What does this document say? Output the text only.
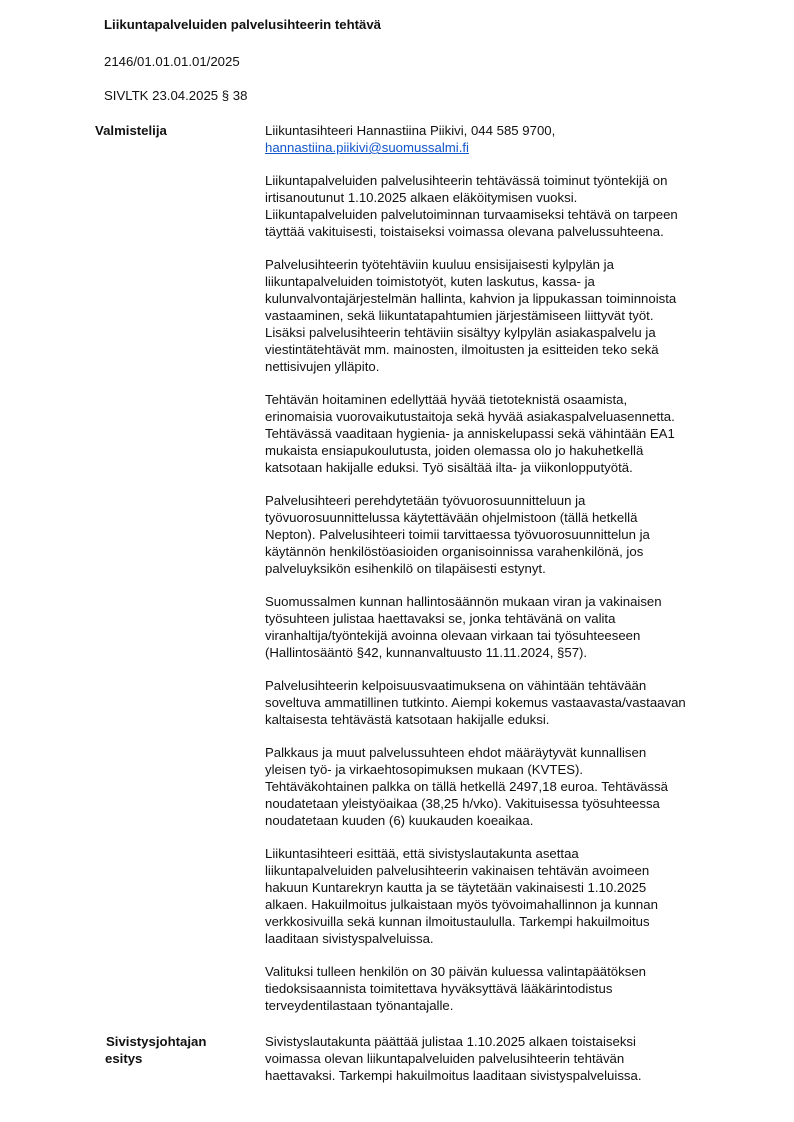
Liikuntapalveluiden palvelusihteerin tehtävä
2146/01.01.01.01/2025
SIVLTK 23.04.2025 § 38
Valmistelija	Liikuntasihteeri Hannastiina Piikivi, 044 585 9700,
hannastiina.piikivi@suomussalmi.fi

Liikuntapalveluiden palvelusihteerin tehtävässä toiminut työntekijä on
irtisanoutunut 1.10.2025 alkaen eläköitymisen vuoksi.
Liikuntapalveluiden palvelutoiminnan turvaamiseksi tehtävä on tarpeen
täyttää vakituisesti, toistaiseksi voimassa olevana palvelussuhteena.

Palvelusihteerin työtehtäviin kuuluu ensisijaisesti kylpylän ja
liikuntapalveluiden toimistotyöt, kuten laskutus, kassa- ja
kulunvalvontajärjestelmän hallinta, kahvion ja lippukassan toiminnoista
vastaaminen, sekä liikuntatapahtumien järjestämiseen liittyvät työt.
Lisäksi palvelusihteerin tehtäviin sisältyy kylpylän asiakaspalvelu ja
viestintätehtävät mm. mainosten, ilmoitusten ja esitteiden teko sekä
nettisivujen ylläpito.

Tehtävän hoitaminen edellyttää hyvää tietoteknistä osaamista,
erinomaisia vuorovaikutustaitoja sekä hyvää asiakaspalveluasennetta.
Tehtävässä vaaditaan hygienia- ja anniskelupassi sekä vähintään EA1
mukaista ensiapukoulutusta, joiden olemassa olo jo hakuhetkellä
katsotaan hakijalle eduksi. Työ sisältää ilta- ja viikonlopputyötä.

Palvelusihteeri perehdytetään työvuorosuunnitteluun ja
työvuorosuunnittelussa käytettävään ohjelmistoon (tällä hetkellä
Nepton). Palvelusihteeri toimii tarvittaessa työvuorosuunnittelun ja
käytännön henkilöstöasioiden organisoinnissa varahenkilönä, jos
palveluyksikön esihenkilö on tilapäisesti estynyt.

Suomussalmen kunnan hallintosäännön mukaan viran ja vakinaisen
työsuhteen julistaa haettavaksi se, jonka tehtävänä on valita
viranhaltija/työntekijä avoinna olevaan virkaan tai työsuhteeseen
(Hallintosääntö §42, kunnanvaltuusto 11.11.2024, §57).

Palvelusihteerin kelpoisuusvaatimuksena on vähintään tehtävään
soveltuva ammatillinen tutkinto. Aiempi kokemus vastaavasta/vastaavan
kaltaisesta tehtävästä katsotaan hakijalle eduksi.

Palkkaus ja muut palvelussuhteen ehdot määräytyvät kunnallisen
yleisen työ- ja virkaehtosopimuksen mukaan (KVTES).
Tehtäväkohtainen palkka on tällä hetkellä 2497,18 euroa. Tehtävässä
noudatetaan yleistyöaikaa (38,25 h/vko). Vakituisessa työsuhteessa
noudatetaan kuuden (6) kuukauden koeaikaa.

Liikuntasihteeri esittää, että sivistyslautakunta asettaa
liikuntapalveluiden palvelusihteerin vakinaisen tehtävän avoimeen
hakuun Kuntarekryn kautta ja se täytetään vakinaisesti 1.10.2025
alkaen. Hakuilmoitus julkaistaan myös työvoimahallinnon ja kunnan
verkkosivuilla sekä kunnan ilmoitustaululla. Tarkempi hakuilmoitus
laaditaan sivistyspalveluissa.

Valituksi tulleen henkilön on 30 päivän kuluessa valintapäätöksen
tiedoksisaannista toimitettava hyväksyttävä lääkärintodistus
terveydentilastaan työnantajalle.

Sivistysjohtajan
esitys

Sivistyslautakunta päättää julistaa 1.10.2025 alkaen toistaiseksi
voimassa olevan liikuntapalveluiden palvelusihteerin tehtävän
haettavaksi. Tarkempi hakuilmoitus laaditaan sivistyspalveluissa.
